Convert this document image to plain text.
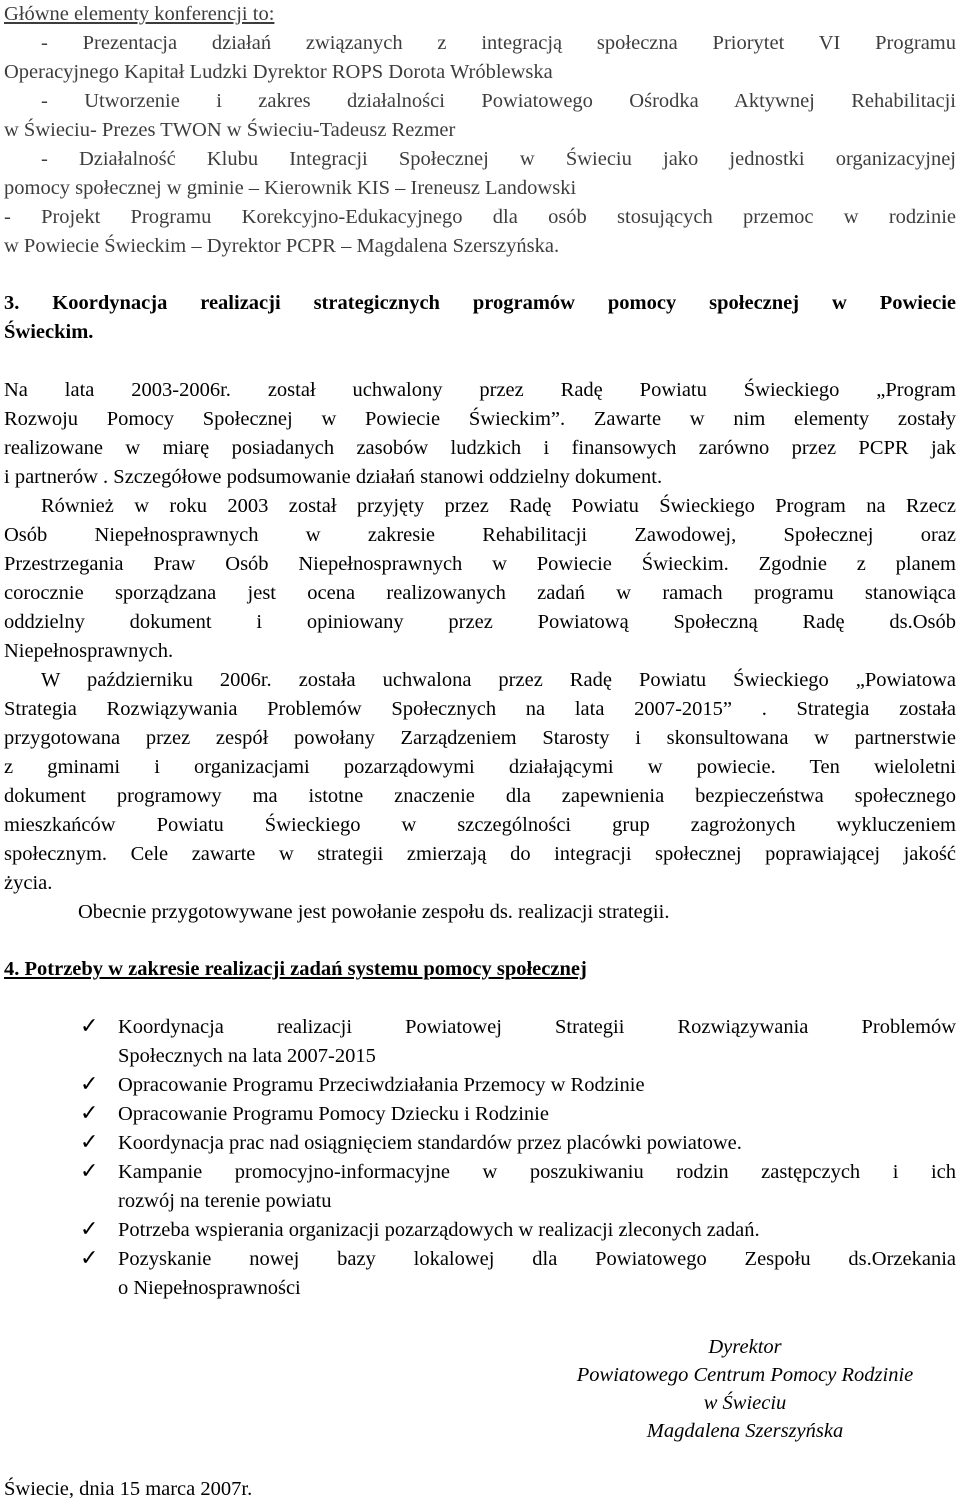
Główne elementy konferencji to:
- Prezentacja działań związanych z integracją społeczna Priorytet VI Programu
Operacyjnego Kapitał Ludzki Dyrektor ROPS Dorota Wróblewska
- Utworzenie i zakres działalności Powiatowego Ośrodka Aktywnej Rehabilitacji
w Świeciu- Prezes TWON w Świeciu-Tadeusz Rezmer
- Działalność Klubu Integracji Społecznej w Świeciu jako jednostki organizacyjnej
pomocy społecznej w gminie – Kierownik KIS – Ireneusz Landowski
- Projekt Programu Korekcyjno-Edukacyjnego dla osób stosujących przemoc w rodzinie
w Powiecie Świeckim – Dyrektor PCPR – Magdalena Szerszyńska.
3. Koordynacja realizacji strategicznych programów pomocy społecznej w Powiecie
Świeckim.
Na lata 2003-2006r. został uchwalony przez Radę Powiatu Świeckiego „Program
Rozwoju Pomocy Społecznej w Powiecie Świeckim”. Zawarte w nim elementy zostały
realizowane w miarę posiadanych zasobów ludzkich i finansowych zarówno przez PCPR jak
i partnerów . Szczegółowe podsumowanie działań stanowi oddzielny dokument.
Również w roku 2003 został przyjęty przez Radę Powiatu Świeckiego Program na Rzecz
Osób Niepełnosprawnych w zakresie Rehabilitacji Zawodowej, Społecznej oraz
Przestrzegania Praw Osób Niepełnosprawnych w Powiecie Świeckim. Zgodnie z planem
corocznie sporządzana jest ocena realizowanych zadań w ramach programu stanowiąca
oddzielny dokument i opiniowany przez Powiatową Społeczną Radę ds.Osób
Niepełnosprawnych.
W październiku 2006r. została uchwalona przez Radę Powiatu Świeckiego „Powiatowa
Strategia Rozwiązywania Problemów Społecznych na lata 2007-2015” . Strategia została
przygotowana przez zespół powołany Zarządzeniem Starosty i skonsultowana w partnerstwie
z gminami i organizacjami pozarządowymi działającymi w powiecie. Ten wieloletni
dokument programowy ma istotne znaczenie dla zapewnienia bezpieczeństwa społecznego
mieszkańców Powiatu Świeckiego w szczególności grup zagrożonych wykluczeniem
społecznym. Cele zawarte w strategii zmierzają do integracji społecznej poprawiającej jakość
życia.
Obecnie przygotowywane jest powołanie zespołu ds. realizacji strategii.
4. Potrzeby w zakresie realizacji zadań systemu pomocy społecznej
✓ Koordynacja realizacji Powiatowej Strategii Rozwiązywania Problemów
Społecznych na lata 2007-2015
✓ Opracowanie Programu Przeciwdziałania Przemocy w Rodzinie
✓ Opracowanie Programu Pomocy Dziecku i Rodzinie
✓ Koordynacja prac nad osiągnięciem standardów przez placówki powiatowe.
✓ Kampanie promocyjno-informacyjne w poszukiwaniu rodzin zastępczych i ich
rozwój na terenie powiatu
✓ Potrzeba wspierania organizacji pozarządowych w realizacji zleconych zadań.
✓ Pozyskanie nowej bazy lokalowej dla Powiatowego Zespołu ds.Orzekania
o Niepełnosprawności
Dyrektor
Powiatowego Centrum Pomocy Rodzinie
w Świeciu
Magdalena Szerszyńska
Świecie, dnia 15 marca 2007r.
